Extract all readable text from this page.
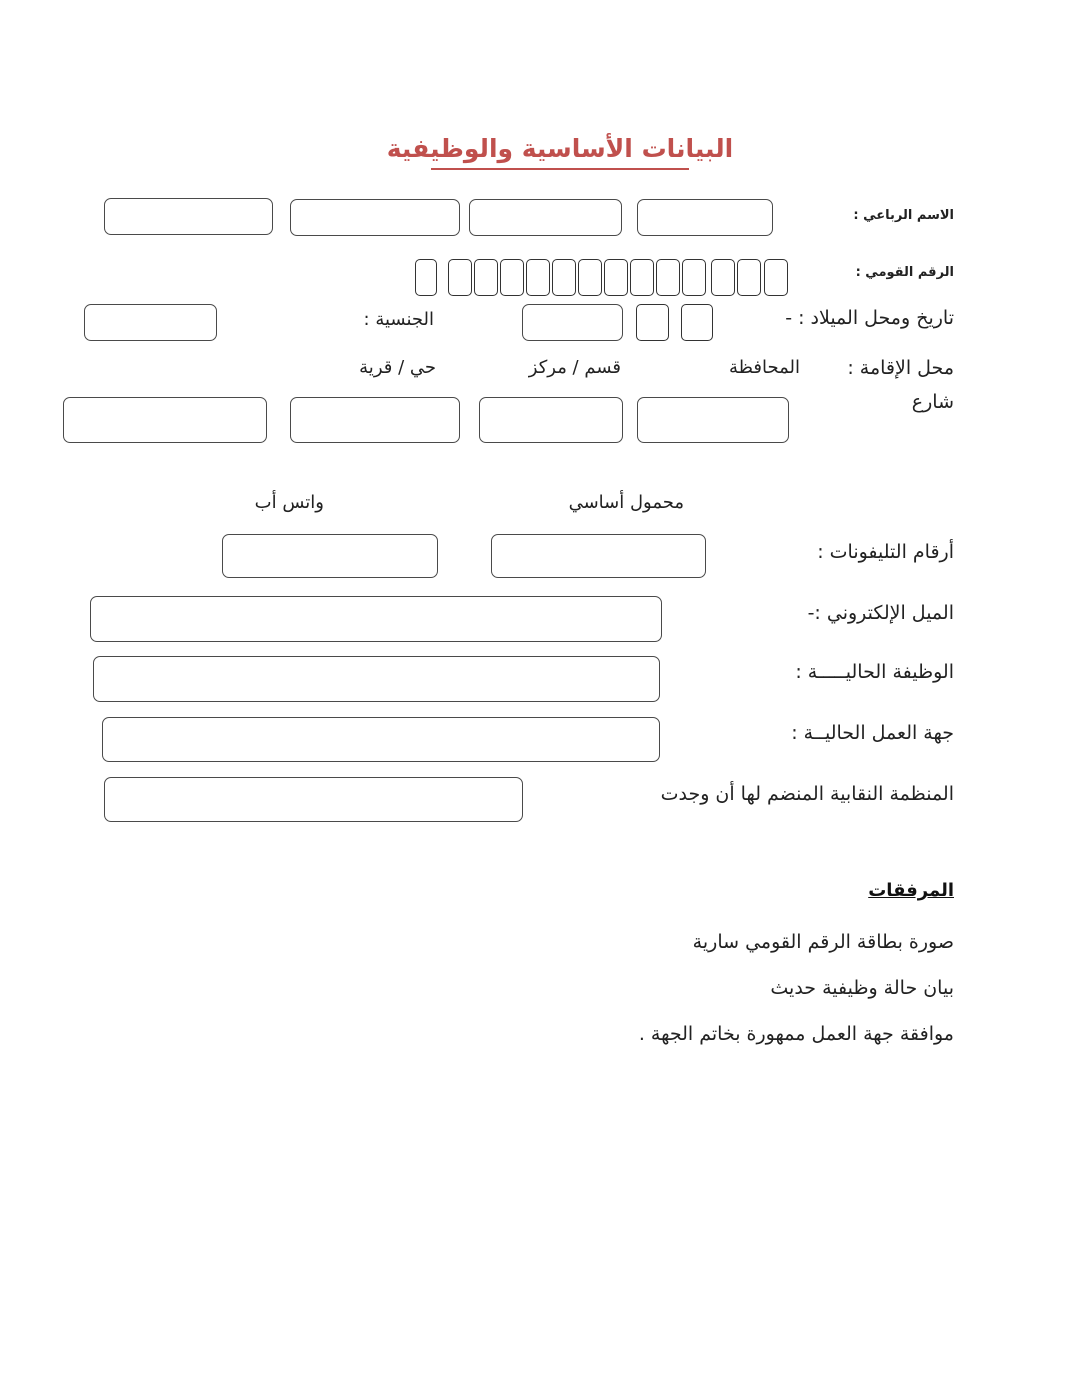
البيانات الأساسية والوظيفية
الاسم الرباعي :
الرقم القومي :
تاريخ ومحل الميلاد : -
الجنسية :
محل الإقامة :
المحافظة
قسم / مركز
حي / قرية
شارع
محمول أساسي
واتس أب
أرقام التليفونات :
الميل الإلكتروني :-
الوظيفة الحاليـــــة :
جهة العمل الحاليــة :
المنظمة النقابية المنضم لها أن وجدت
المرفقات
صورة بطاقة الرقم القومي سارية
بيان حالة وظيفية حديث
موافقة جهة العمل ممهورة بخاتم الجهة .
